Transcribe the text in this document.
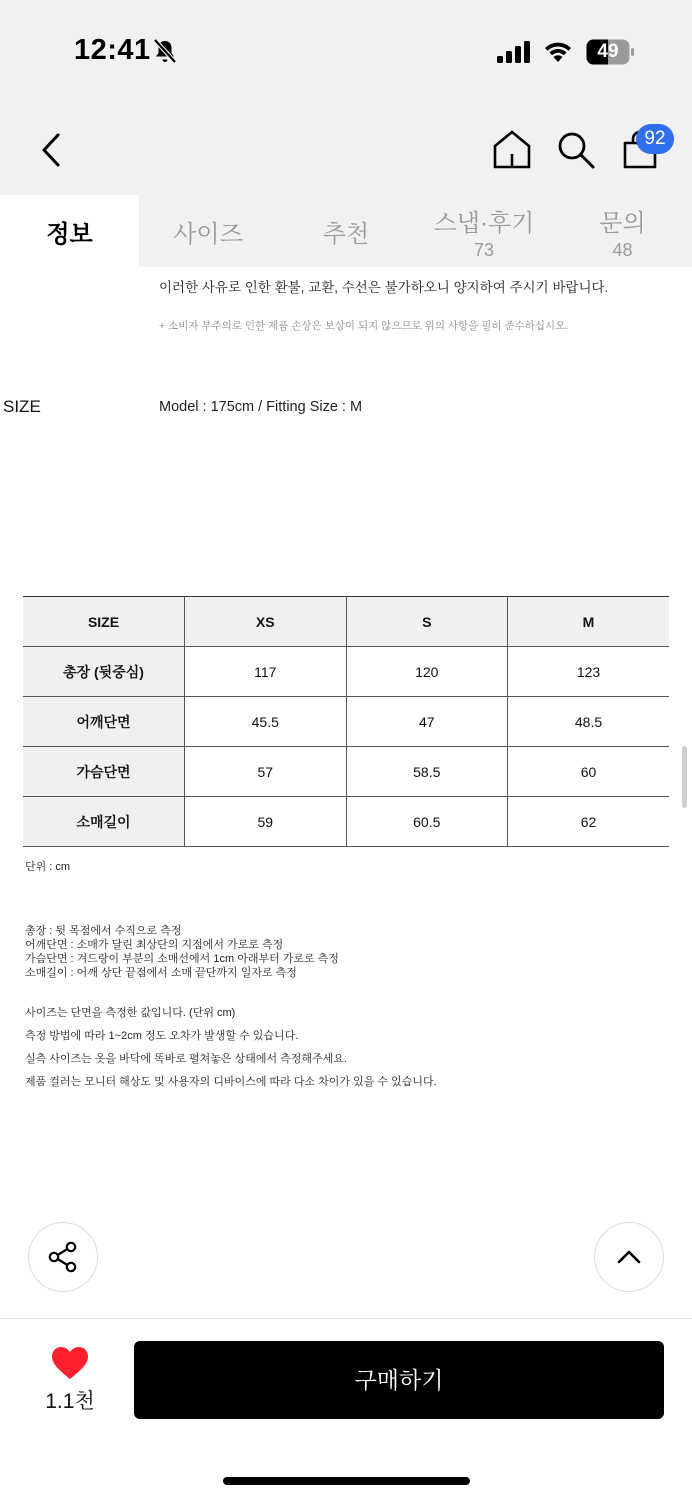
12:41	49
92
정보	사이즈	추천	스냅·후기
73
문의
48
이러한 사유로 인한 환불, 교환, 수선은 불가하오니 양지하여 주시기 바랍니다.
+ 소비자 부주의로 인한 제품 손상은 보상이 되지 않으므로 위의 사항을 필히 준수하십시오.
SIZE	Model : 175cm / Fitting Size : M
SIZE	XS	S	M
총장 (뒷중심)	117	120	123
어깨단면	45.5	47	48.5
가슴단면	57	58.5	60
소매길이	59	60.5	62
단위 : cm
총장 : 뒷 목점에서 수직으로 측정
어깨단면 : 소매가 달린 최상단의 지점에서 가로로 측정
가슴단면 : 겨드랑이 부분의 소매선에서 1cm 아래부터 가로로 측정
소매길이 : 어깨 상단 끝점에서 소매 끝단까지 일자로 측정
사이즈는 단면을 측정한 값입니다. (단위 cm)
측정 방법에 따라 1~2cm 정도 오차가 발생할 수 있습니다.
실측 사이즈는 옷을 바닥에 똑바로 펼쳐놓은 상태에서 측정해주세요.
제품 컬러는 모니터 해상도 및 사용자의 디바이스에 따라 다소 차이가 있을 수 있습니다.
1.1천
구매하기
